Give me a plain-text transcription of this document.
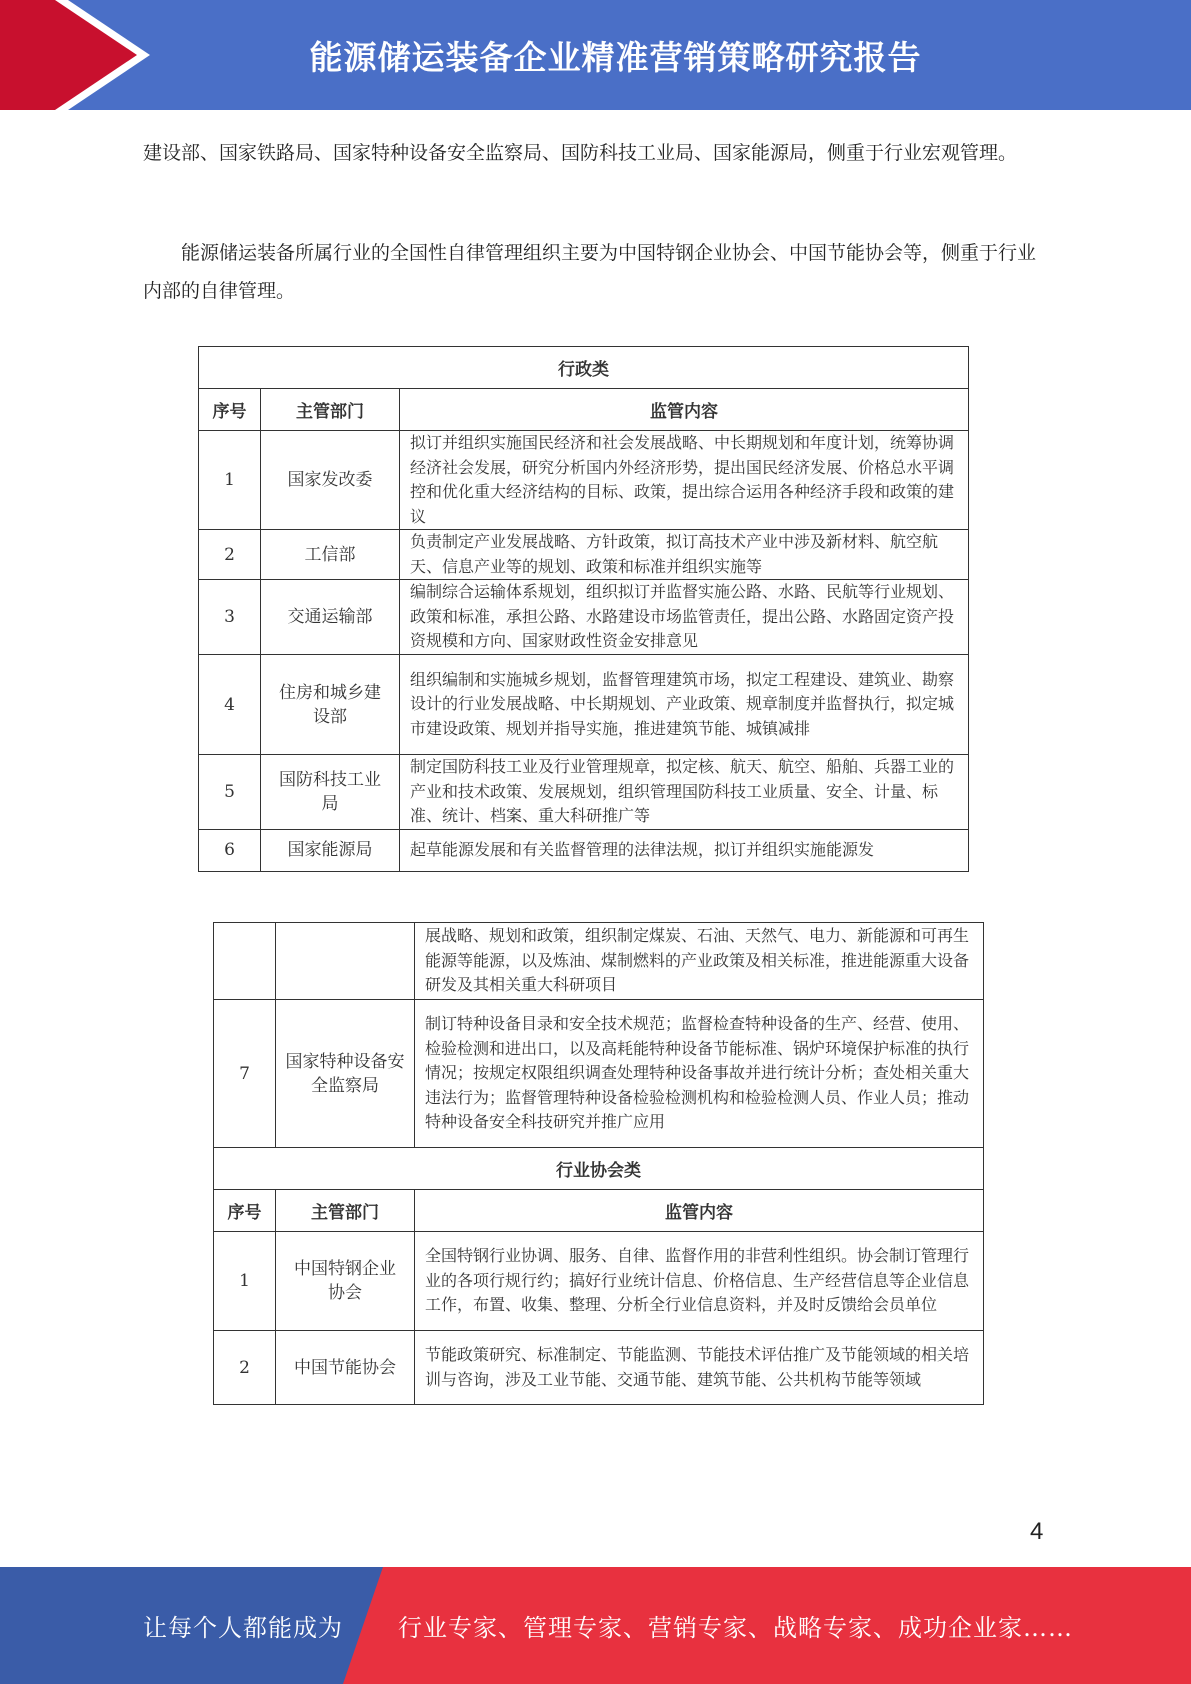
能源储运装备企业精准营销策略研究报告
建设部、国家铁路局、国家特种设备安全监察局、国防科技工业局、国家能源局，侧重于行业宏观管理。
能源储运装备所属行业的全国性自律管理组织主要为中国特钢企业协会、中国节能协会等，侧重于行业内部的自律管理。
行政类		
序号	主管部门	监管内容
1	国家发改委	拟订并组织实施国民经济和社会发展战略、中长期规划和年度计划，统筹协调经济社会发展，研究分析国内外经济形势，提出国民经济发展、价格总水平调控和优化重大经济结构的目标、政策，提出综合运用各种经济手段和政策的建议
2	工信部	负责制定产业发展战略、方针政策，拟订高技术产业中涉及新材料、航空航天、信息产业等的规划、政策和标准并组织实施等
3	交通运输部	编制综合运输体系规划，组织拟订并监督实施公路、水路、民航等行业规划、政策和标准，承担公路、水路建设市场监管责任，提出公路、水路固定资产投资规模和方向、国家财政性资金安排意见
4	住房和城乡建设部	组织编制和实施城乡规划，监督管理建筑市场，拟定工程建设、建筑业、勘察设计的行业发展战略、中长期规划、产业政策、规章制度并监督执行，拟定城市建设政策、规划并指导实施，推进建筑节能、城镇减排
5	国防科技工业局	制定国防科技工业及行业管理规章，拟定核、航天、航空、船舶、兵器工业的产业和技术政策、发展规划，组织管理国防科技工业质量、安全、计量、标准、统计、档案、重大科研推广等
6	国家能源局	起草能源发展和有关监督管理的法律法规，拟订并组织实施能源发
		展战略、规划和政策，组织制定煤炭、石油、天然气、电力、新能源和可再生能源等能源，以及炼油、煤制燃料的产业政策及相关标准，推进能源重大设备研发及其相关重大科研项目
7	国家特种设备安全监察局	制订特种设备目录和安全技术规范；监督检查特种设备的生产、经营、使用、检验检测和进出口，以及高耗能特种设备节能标准、锅炉环境保护标准的执行情况；按规定权限组织调查处理特种设备事故并进行统计分析；查处相关重大违法行为；监督管理特种设备检验检测机构和检验检测人员、作业人员；推动特种设备安全科技研究并推广应用
行业协会类		
序号	主管部门	监管内容
1	中国特钢企业协会	全国特钢行业协调、服务、自律、监督作用的非营利性组织。协会制订管理行业的各项行规行约；搞好行业统计信息、价格信息、生产经营信息等企业信息工作，布置、收集、整理、分析全行业信息资料，并及时反馈给会员单位
2	中国节能协会	节能政策研究、标准制定、节能监测、节能技术评估推广及节能领域的相关培训与咨询，涉及工业节能、交通节能、建筑节能、公共机构节能等领域
4
让每个人都能成为 行业专家、管理专家、营销专家、战略专家、成功企业家……
